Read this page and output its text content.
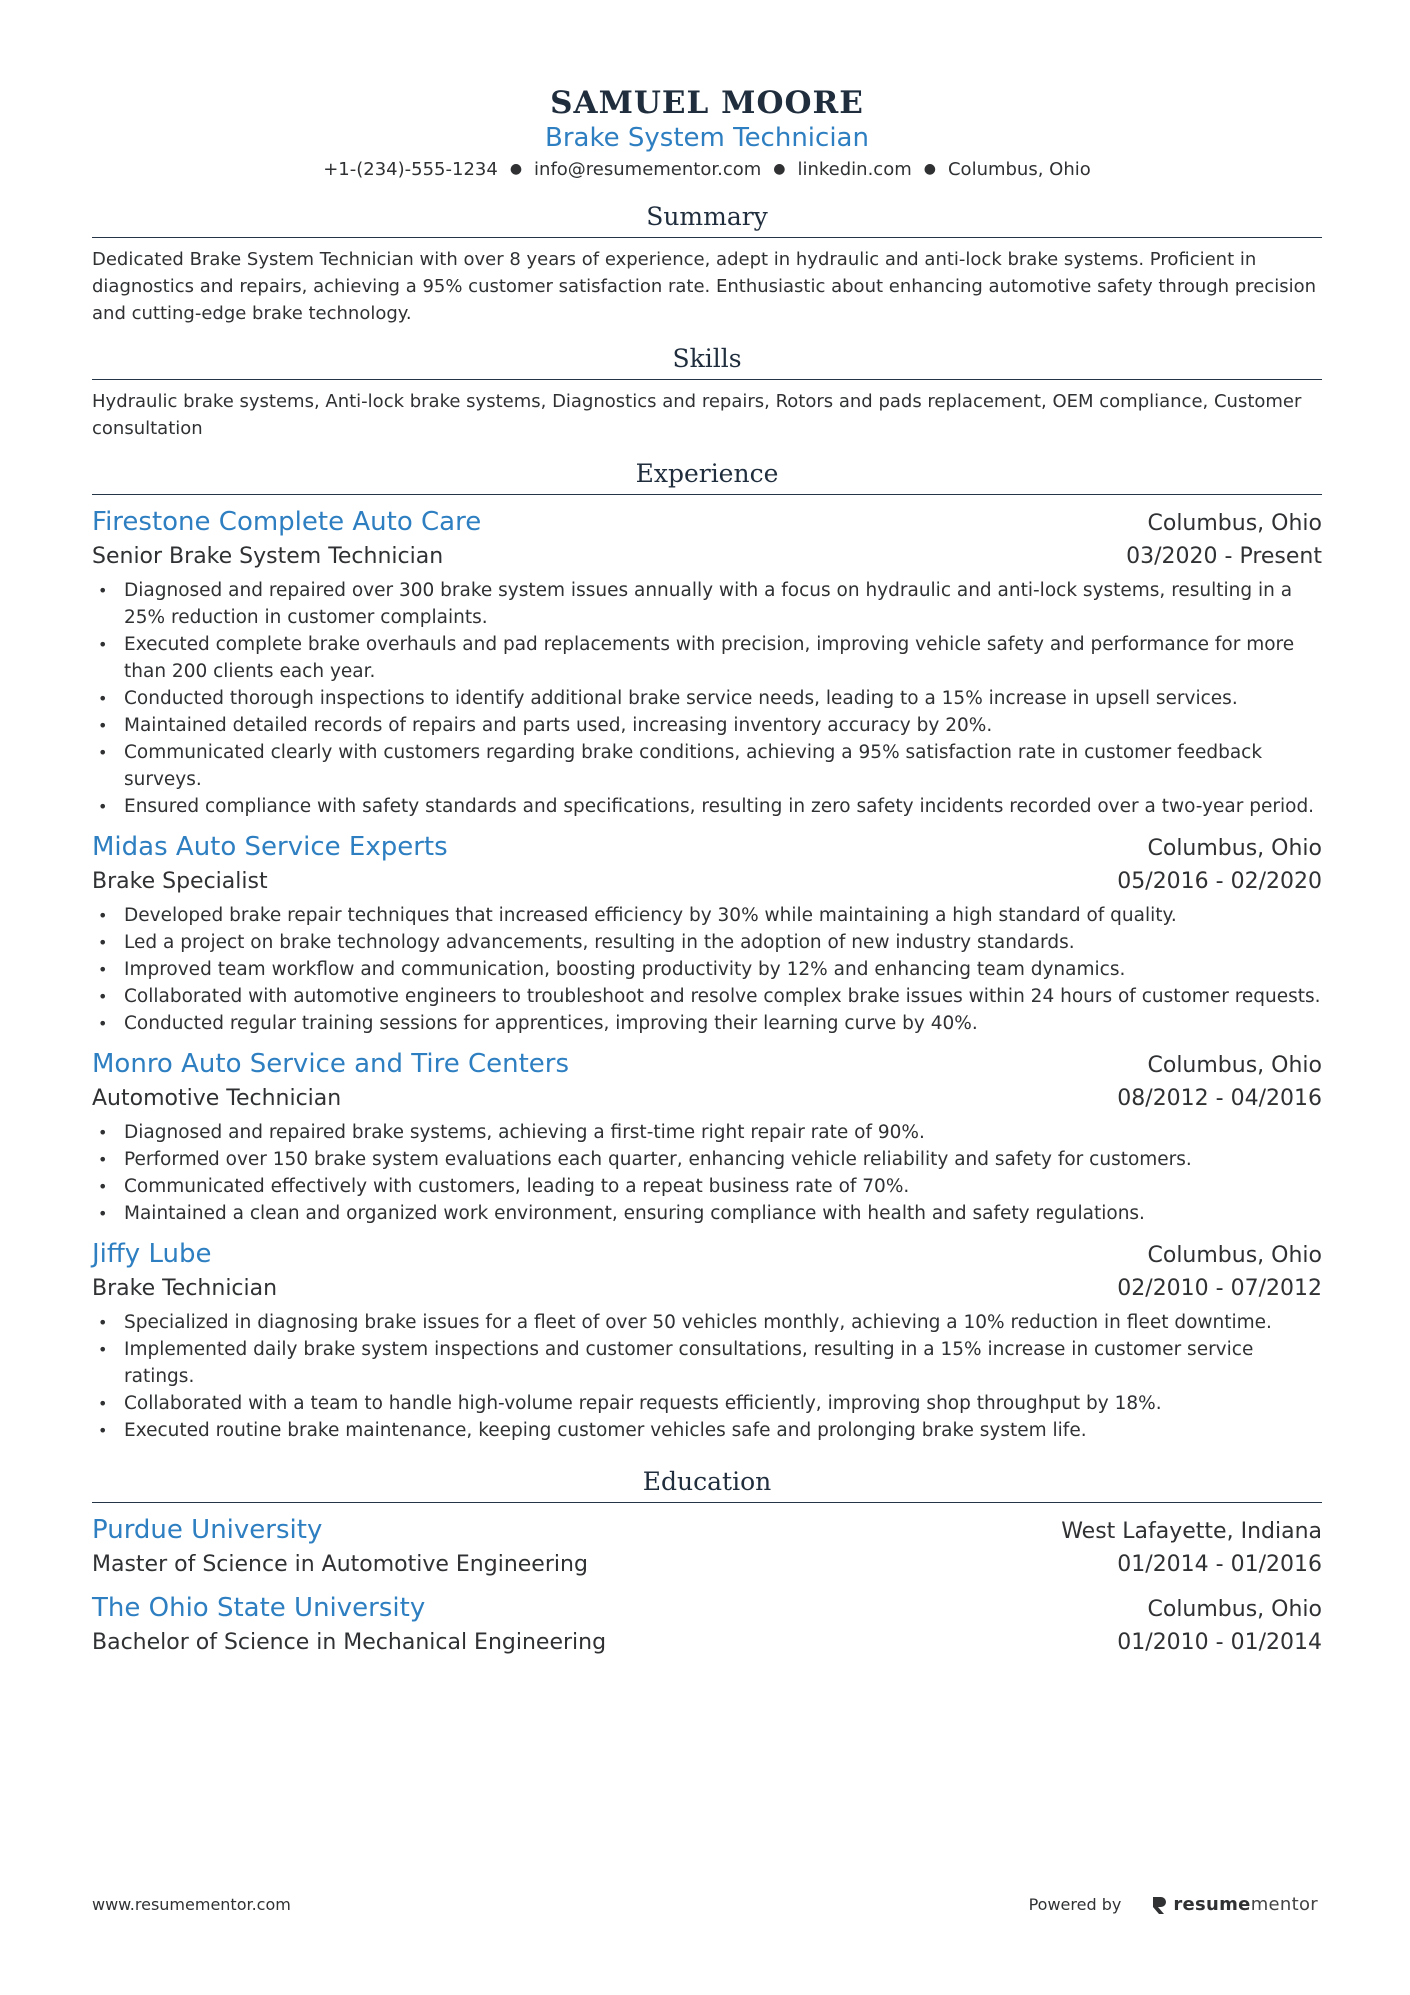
SAMUEL MOORE
Brake System Technician
+1-(234)-555-1234 ● info@resumementor.com ● linkedin.com ● Columbus, Ohio
Summary
Dedicated Brake System Technician with over 8 years of experience, adept in hydraulic and anti-lock brake systems. Proficient in diagnostics and repairs, achieving a 95% customer satisfaction rate. Enthusiastic about enhancing automotive safety through precision and cutting-edge brake technology.
Skills
Hydraulic brake systems, Anti-lock brake systems, Diagnostics and repairs, Rotors and pads replacement, OEM compliance, Customer consultation
Experience
Firestone Complete Auto Care	Columbus, Ohio
Senior Brake System Technician	03/2020 - Present
• Diagnosed and repaired over 300 brake system issues annually with a focus on hydraulic and anti-lock systems, resulting in a 25% reduction in customer complaints.
• Executed complete brake overhauls and pad replacements with precision, improving vehicle safety and performance for more than 200 clients each year.
• Conducted thorough inspections to identify additional brake service needs, leading to a 15% increase in upsell services.
• Maintained detailed records of repairs and parts used, increasing inventory accuracy by 20%.
• Communicated clearly with customers regarding brake conditions, achieving a 95% satisfaction rate in customer feedback surveys.
• Ensured compliance with safety standards and specifications, resulting in zero safety incidents recorded over a two-year period.
Midas Auto Service Experts	Columbus, Ohio
Brake Specialist	05/2016 - 02/2020
• Developed brake repair techniques that increased efficiency by 30% while maintaining a high standard of quality.
• Led a project on brake technology advancements, resulting in the adoption of new industry standards.
• Improved team workflow and communication, boosting productivity by 12% and enhancing team dynamics.
• Collaborated with automotive engineers to troubleshoot and resolve complex brake issues within 24 hours of customer requests.
• Conducted regular training sessions for apprentices, improving their learning curve by 40%.
Monro Auto Service and Tire Centers	Columbus, Ohio
Automotive Technician	08/2012 - 04/2016
• Diagnosed and repaired brake systems, achieving a first-time right repair rate of 90%.
• Performed over 150 brake system evaluations each quarter, enhancing vehicle reliability and safety for customers.
• Communicated effectively with customers, leading to a repeat business rate of 70%.
• Maintained a clean and organized work environment, ensuring compliance with health and safety regulations.
Jiffy Lube	Columbus, Ohio
Brake Technician	02/2010 - 07/2012
• Specialized in diagnosing brake issues for a fleet of over 50 vehicles monthly, achieving a 10% reduction in fleet downtime.
• Implemented daily brake system inspections and customer consultations, resulting in a 15% increase in customer service ratings.
• Collaborated with a team to handle high-volume repair requests efficiently, improving shop throughput by 18%.
• Executed routine brake maintenance, keeping customer vehicles safe and prolonging brake system life.
Education
Purdue University	West Lafayette, Indiana
Master of Science in Automotive Engineering	01/2014 - 01/2016
The Ohio State University	Columbus, Ohio
Bachelor of Science in Mechanical Engineering	01/2010 - 01/2014
www.resumementor.com	Powered by	resume mentor
